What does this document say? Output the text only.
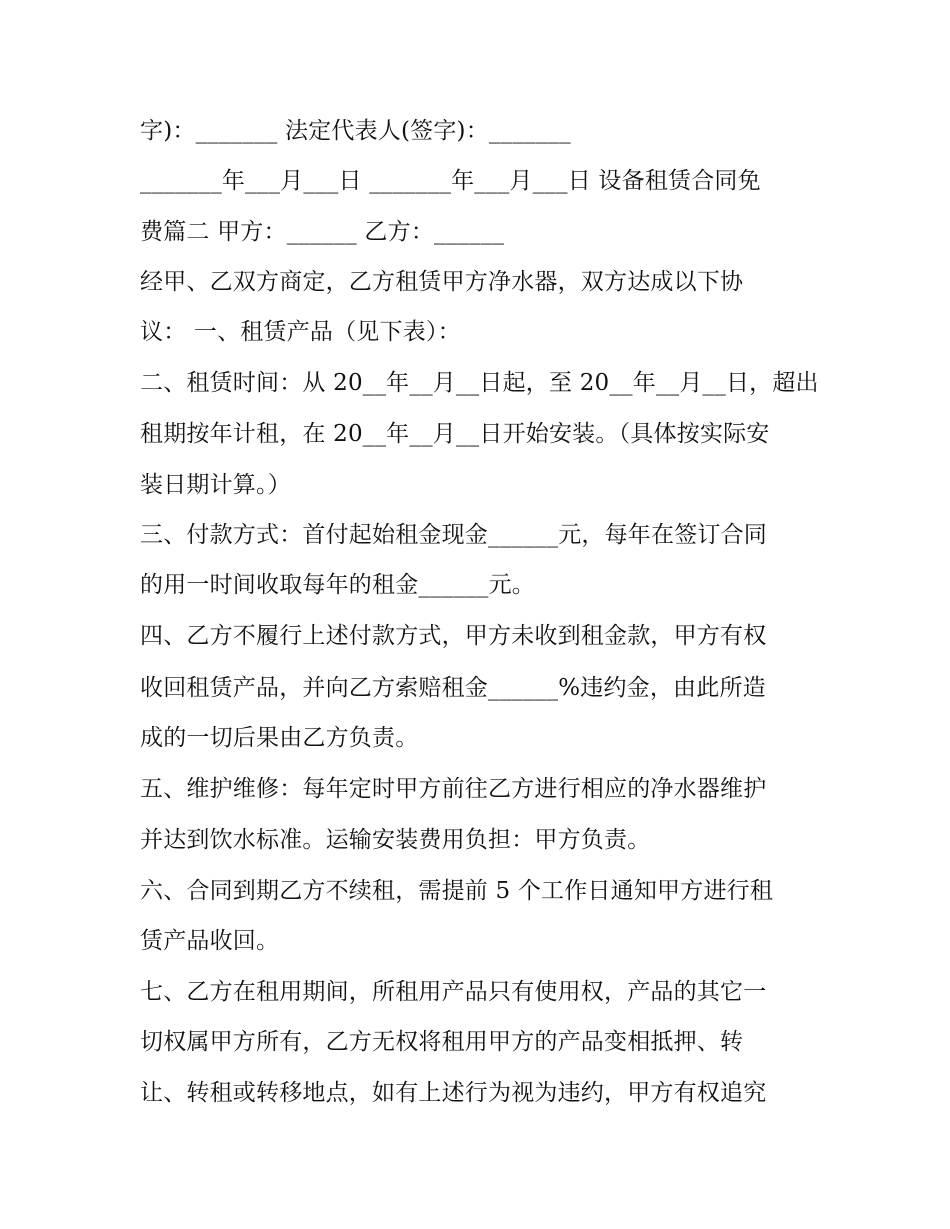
字)：_______ 法定代表人(签字)：_______
_______年___月___日 _______年___月___日 设备租赁合同免
费篇二 甲方：______ 乙方：______
经甲、乙双方商定，乙方租赁甲方净水器，双方达成以下协
议： 一、租赁产品（见下表）：
二、租赁时间：从 20__年__月__日起，至 20__年__月__日，超出
租期按年计租，在 20__年__月__日开始安装。（具体按实际安
装日期计算。）
三、付款方式：首付起始租金现金______元，每年在签订合同
的用一时间收取每年的租金______元。
四、乙方不履行上述付款方式，甲方未收到租金款，甲方有权
收回租赁产品，并向乙方索赔租金______%违约金，由此所造
成的一切后果由乙方负责。
五、维护维修：每年定时甲方前往乙方进行相应的净水器维护
并达到饮水标准。运输安装费用负担：甲方负责。
六、合同到期乙方不续租，需提前 5 个工作日通知甲方进行租
赁产品收回。
七、乙方在租用期间，所租用产品只有使用权，产品的其它一
切权属甲方所有，乙方无权将租用甲方的产品变相抵押、转
让、转租或转移地点，如有上述行为视为违约，甲方有权追究
